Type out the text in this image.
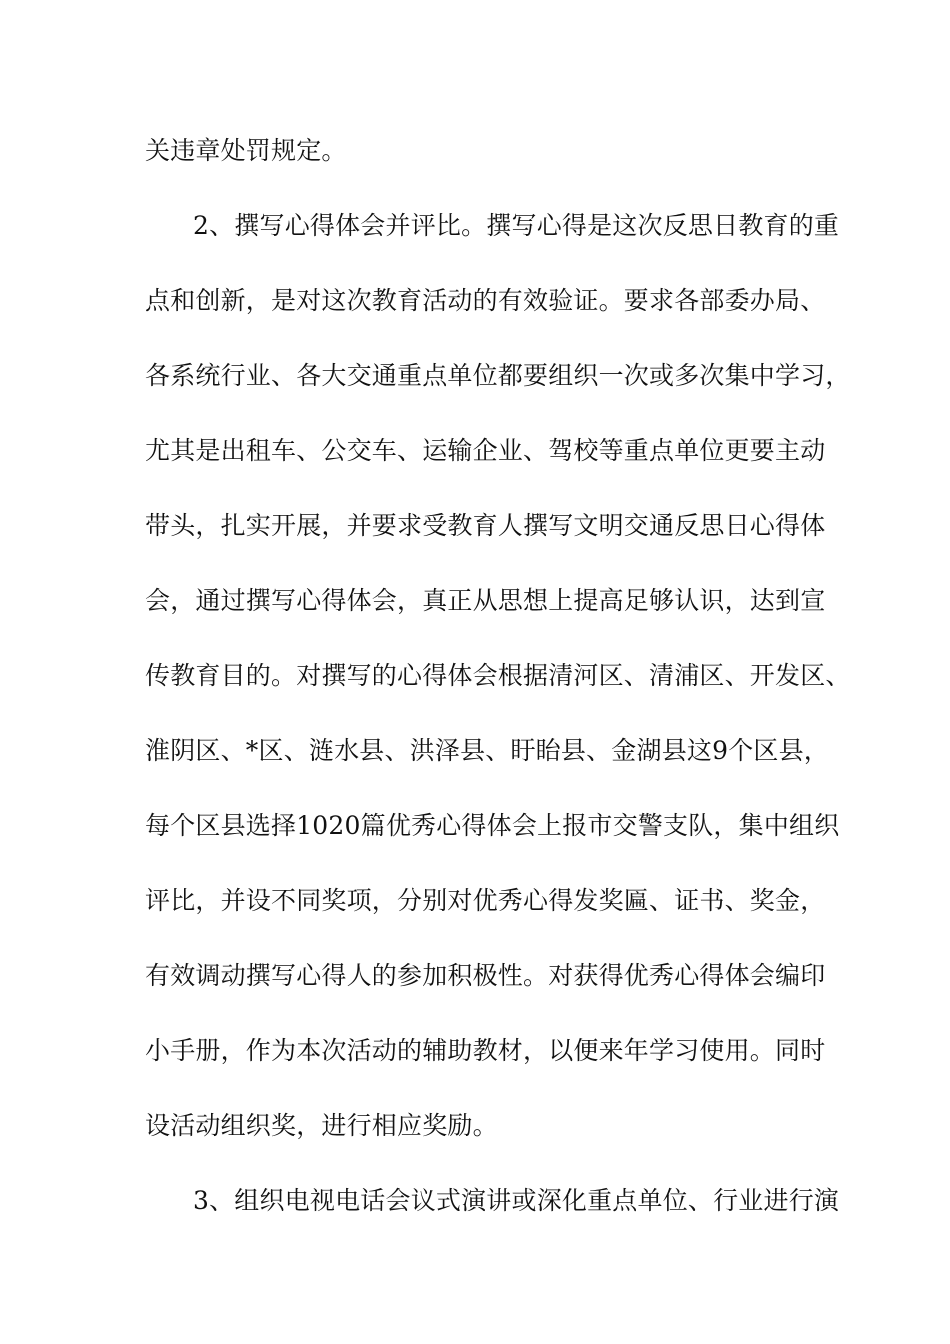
关违章处罚规定。
2、撰写心得体会并评比。撰写心得是这次反思日教育的重
点和创新，是对这次教育活动的有效验证。要求各部委办局、
各系统行业、各大交通重点单位都要组织一次或多次集中学习，
尤其是出租车、公交车、运输企业、驾校等重点单位更要主动
带头，扎实开展，并要求受教育人撰写文明交通反思日心得体
会，通过撰写心得体会，真正从思想上提高足够认识，达到宣
传教育目的。对撰写的心得体会根据清河区、清浦区、开发区、
淮阴区、*区、涟水县、洪泽县、盱眙县、金湖县这9个区县，
每个区县选择1020篇优秀心得体会上报市交警支队，集中组织
评比，并设不同奖项，分别对优秀心得发奖匾、证书、奖金，
有效调动撰写心得人的参加积极性。对获得优秀心得体会编印
小手册，作为本次活动的辅助教材，以便来年学习使用。同时
设活动组织奖，进行相应奖励。
3、组织电视电话会议式演讲或深化重点单位、行业进行演
